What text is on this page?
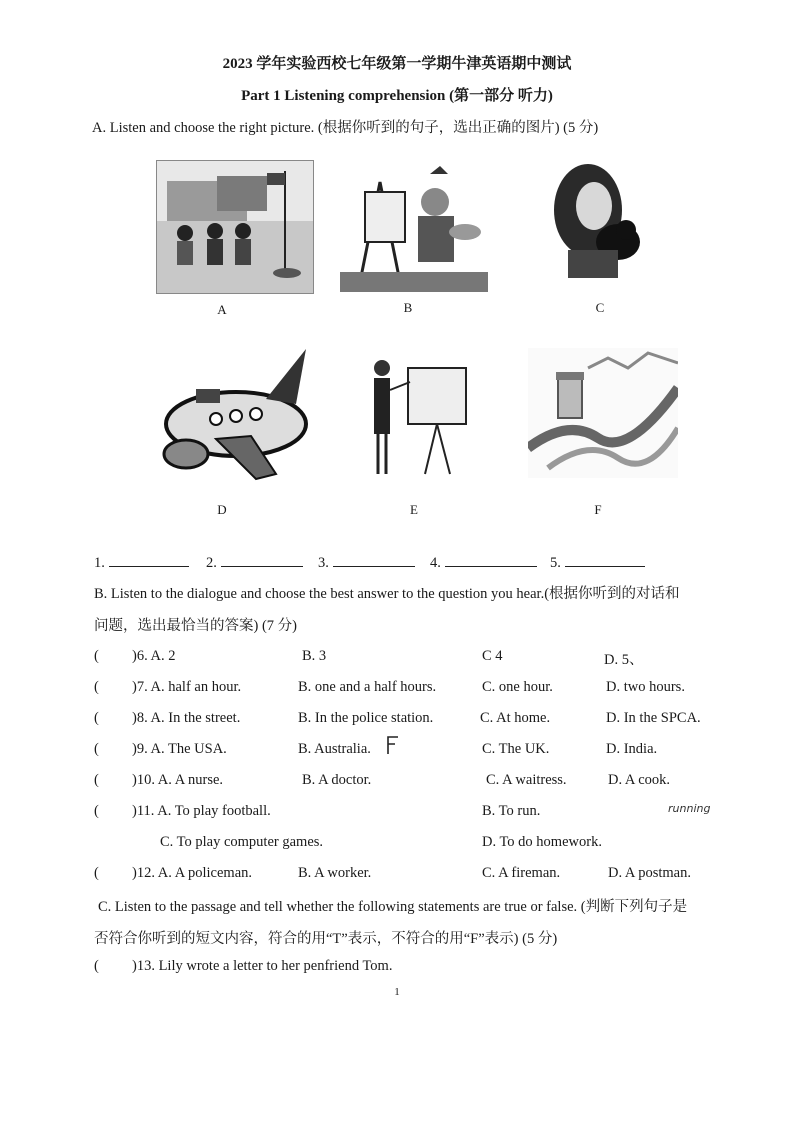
2023 学年实验西校七年级第一学期牛津英语期中测试
Part 1 Listening comprehension (第一部分 听力)
A. Listen and choose the right picture. (根据你听到的句子，选出正确的图片) (5 分)
A	B	C
D	E	F
1.	2.	3.	4.	5.
B. Listen to the dialogue and choose the best answer to the question you hear.(根据你听到的对话和
问题，选出最恰当的答案) (7 分)
( )6. A. 2	B. 3	C 4	D. 5、
( )7. A. half an hour.	B. one and a half hours.	C. one hour.	D. two hours.
( )8. A. In the street.	B. In the police station.	C. At home.	D. In the SPCA.
( )9. A. The USA.	B. Australia.	C. The UK.	D. India.
( )10. A. A nurse.	B. A doctor.	C. A waitress.	D. A cook.
( )11. A. To play football.	B. To run.	running
C. To play computer games.	D. To do homework.
( )12. A. A policeman.	B. A worker.	C. A fireman.	D. A postman.
C. Listen to the passage and tell whether the following statements are true or false. (判断下列句子是
否符合你听到的短文内容，符合的用“T”表示，不符合的用“F”表示) (5 分)
( )13. Lily wrote a letter to her penfriend Tom.
1
